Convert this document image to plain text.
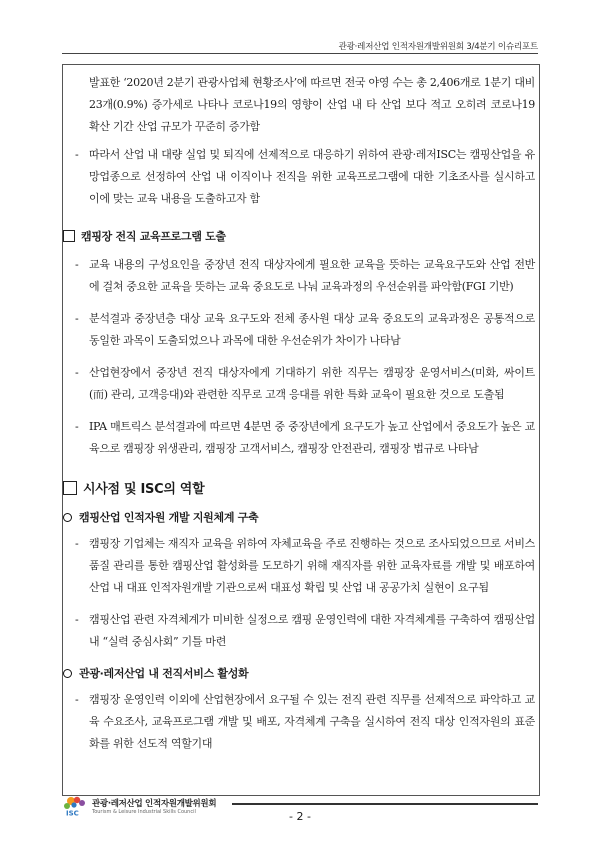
관광·레저산업 인적자원개발위원회 3/4분기 이슈리포트

발표한 ‘2020년 2분기 관광사업체 현황조사’에 따르면 전국 야영 수는 총 2,406개로 1분기 대비 23개(0.9%) 증가세로 나타나 코로나19의 영향이 산업 내 타 산업 보다 적고 오히려 코로나19 확산 기간 산업 규모가 꾸준히 증가함

- 따라서 산업 내 대량 실업 및 퇴직에 선제적으로 대응하기 위하여 관광·레저ISC는 캠핑산업을 유망업종으로 선정하여 산업 내 이직이나 전직을 위한 교육프로그램에 대한 기초조사를 실시하고 이에 맞는 교육 내용을 도출하고자 함
캠핑장 전직 교육프로그램 도출
- 교육 내용의 구성요인을 중장년 전직 대상자에게 필요한 교육을 뜻하는 교육요구도와 산업 전반에 걸쳐 중요한 교육을 뜻하는 교육 중요도로 나눠 교육과정의 우선순위를 파악함(FGI 기반)
- 분석결과 중장년층 대상 교육 요구도와 전체 종사원 대상 교육 중요도의 교육과정은 공통적으로 동일한 과목이 도출되었으나 과목에 대한 우선순위가 차이가 나타남
- 산업현장에서 중장년 전직 대상자에게 기대하기 위한 직무는 캠핑장 운영서비스(미화, 싸이트(而) 관리, 고객응대)와 관련한 직무로 고객 응대를 위한 특화 교육이 필요한 것으로 도출됨
- IPA 매트릭스 분석결과에 따르면 4분면 중 중장년에게 요구도가 높고 산업에서 중요도가 높은 교육으로 캠핑장 위생관리, 캠핑장 고객서비스, 캠핑장 안전관리, 캠핑장 법규로 나타남
시사점 및 ISC의 역할
캠핑산업 인적자원 개발 지원체계 구축
- 캠핑장 기업체는 재직자 교육을 위하여 자체교육을 주로 진행하는 것으로 조사되었으므로 서비스품질 관리를 통한 캠핑산업 활성화를 도모하기 위해 재직자를 위한 교육자료를 개발 및 배포하여 산업 내 대표 인적자원개발 기관으로써 대표성 확립 및 산업 내 공공가치 실현이 요구됨
- 캠핑산업 관련 자격체계가 미비한 실정으로 캠핑 운영인력에 대한 자격체계를 구축하여 캠핑산업 내 “실력 중심사회” 기틀 마련
관광·레저산업 내 전직서비스 활성화
- 캠핑장 운영인력 이외에 산업현장에서 요구될 수 있는 전직 관련 직무를 선제적으로 파악하고 교육 수요조사, 교육프로그램 개발 및 배포, 자격체계 구축을 실시하여 전직 대상 인적자원의 표준화를 위한 선도적 역할기대
ISC
관광·레저산업 인적자원개발위원회
Tourism & Leisure Industrial Skills Council	- 2 -
